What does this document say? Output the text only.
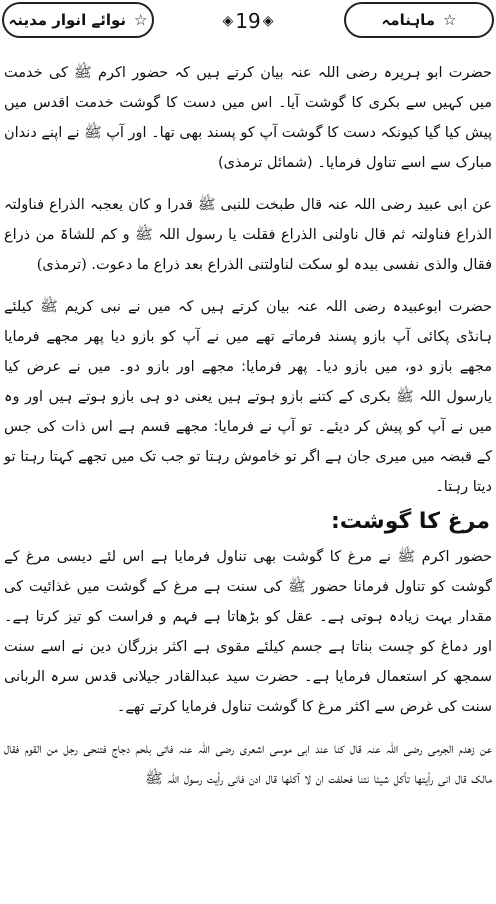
☆
نوائے انوار مدینہ	◈ 19 ◈	☆
ماہنامہ

حضرت ابو ہریرہ رضی اللہ عنہ بیان کرتے ہیں کہ حضور اکرم ﷺ کی خدمت میں کہیں سے بکری کا گوشت آیا۔ اس میں دست کا گوشت خدمت اقدس میں پیش کیا گیا کیونکہ دست کا گوشت آپ کو پسند بھی تھا۔ اور آپ ﷺ نے اپنے دندان مبارک سے اسے تناول فرمایا۔ (شمائل ترمذی)

عن ابی عبید رضی اللہ عنہ قال طبخت للنبی ﷺ قدرا و کان یعجبہ الذراع فناولتہ الذراع فناولتہ ثم قال ناولنی الذراع فقلت یا رسول اللہ ﷺ و کم للشاۃ من ذراع فقال والذی نفسی بیدہ لو سکت لناولتنی الذراع بعد ذراع ما دعوت. (ترمذی)

حضرت ابوعبیدہ رضی اللہ عنہ بیان کرتے ہیں کہ میں نے نبی کریم ﷺ کیلئے ہانڈی پکائی آپ بازو پسند فرماتے تھے میں نے آپ کو بازو دیا پھر مجھے فرمایا مجھے بازو دو، میں بازو دیا۔ پھر فرمایا: مجھے اور بازو دو۔ میں نے عرض کیا یارسول اللہ ﷺ بکری کے کتنے بازو ہوتے ہیں یعنی دو ہی بازو ہوتے ہیں اور وہ میں نے آپ کو پیش کر دیئے۔ تو آپ نے فرمایا: مجھے قسم ہے اس ذات کی جس کے قبضہ میں میری جان ہے اگر تو خاموش رہتا تو جب تک میں تجھے کہتا رہتا تو دیتا رہتا۔

مرغ کا گوشت:

حضور اکرم ﷺ نے مرغ کا گوشت بھی تناول فرمایا ہے اس لئے دیسی مرغ کے گوشت کو تناول فرمانا حضور ﷺ کی سنت ہے مرغ کے گوشت میں غذائیت کی مقدار بہت زیادہ ہوتی ہے۔ عقل کو بڑھاتا ہے فہم و فراست کو تیز کرتا ہے۔ اور دماغ کو چست بناتا ہے جسم کیلئے مقوی ہے اکثر بزرگان دین نے اسے سنت سمجھ کر استعمال فرمایا ہے۔ حضرت سید عبدالقادر جیلانی قدس سرہ الربانی سنت کی غرض سے اکثر مرغ کا گوشت تناول فرمایا کرتے تھے۔

عن زھدم الجرمی رضی اللہ عنہ قال کنا عند ابی موسی اشعری رضی اللہ عنہ فاتی بلحم دجاج فتنحی رجل من القوم فقال مالک قال انی رأیتھا تأکل شیئا نتنا فحلفت ان لا آکلھا قال ادن فانی رأیت رسول اللہ ﷺ
